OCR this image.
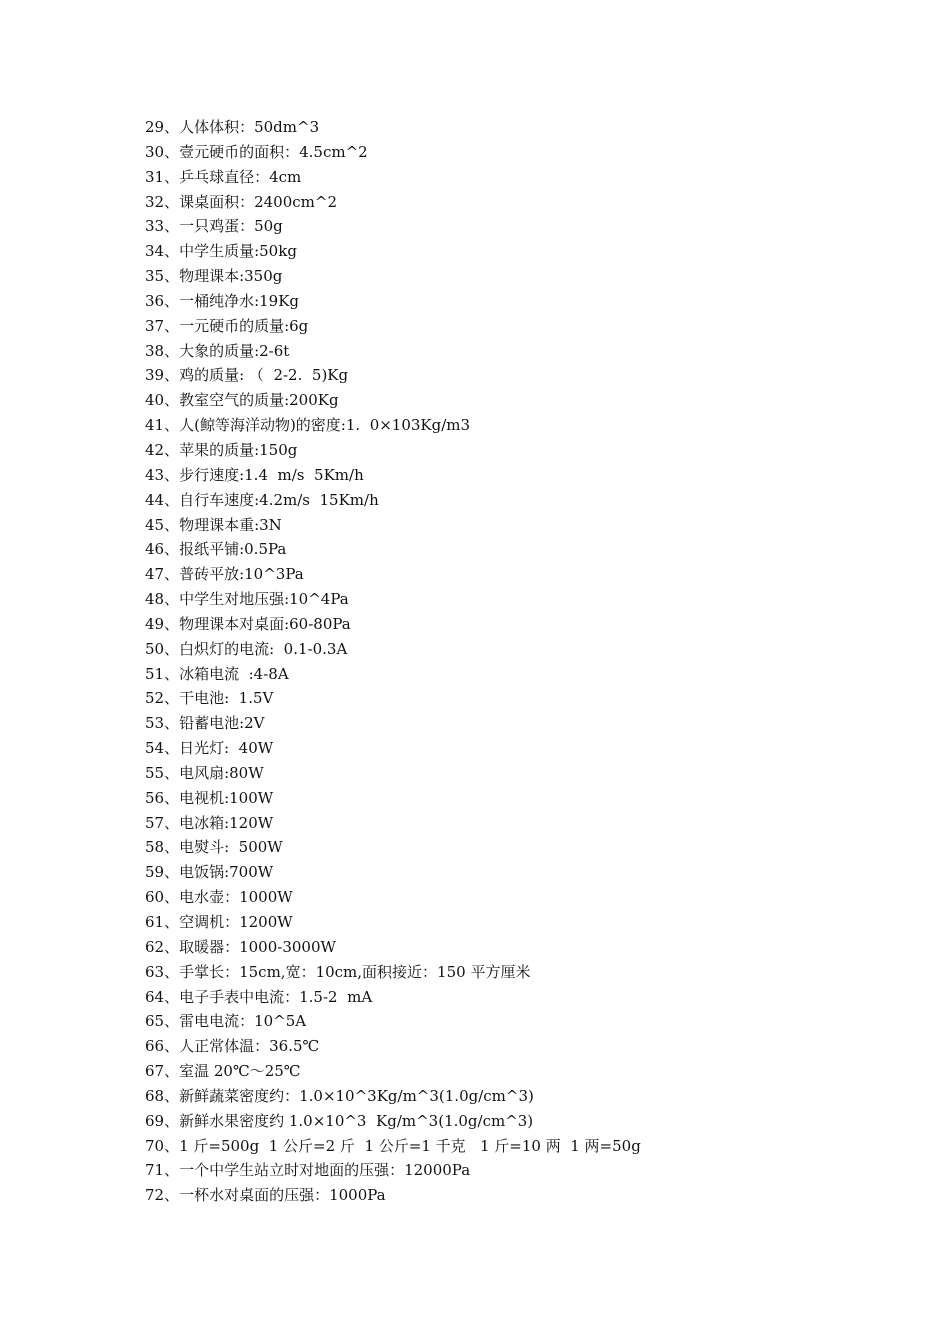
29、人体体积：50dm^3
30、壹元硬币的面积：4.5cm^2
31、乒乓球直径：4cm
32、课桌面积：2400cm^2
33、一只鸡蛋：50g
34、中学生质量:50kg
35、物理课本:350g
36、一桶纯净水:19Kg
37、一元硬币的质量:6g
38、大象的质量:2-6t
39、鸡的质量: （  2-2.  5)Kg
40、教室空气的质量:200Kg
41、人(鲸等海洋动物)的密度:1.  0×103Kg/m3
42、苹果的质量:150g
43、步行速度:1.4  m/s  5Km/h
44、自行车速度:4.2m/s  15Km/h
45、物理课本重:3N
46、报纸平铺:0.5Pa
47、普砖平放:10^3Pa
48、中学生对地压强:10^4Pa
49、物理课本对桌面:60-80Pa
50、白炽灯的电流:  0.1-0.3A
51、冰箱电流  :4-8A
52、干电池:  1.5V
53、铅蓄电池:2V
54、日光灯:  40W
55、电风扇:80W
56、电视机:100W
57、电冰箱:120W
58、电熨斗:  500W
59、电饭锅:700W
60、电水壶：1000W
61、空调机：1200W
62、取暖器：1000-3000W
63、手掌长：15cm,宽：10cm,面积接近：150 平方厘米
64、电子手表中电流：1.5-2  mA
65、雷电电流：10^5A
66、人正常体温：36.5℃
67、室温 20℃～25℃
68、新鲜蔬菜密度约：1.0×10^3Kg/m^3(1.0g/cm^3)
69、新鲜水果密度约 1.0×10^3  Kg/m^3(1.0g/cm^3)
70、1 斤=500g  1 公斤=2 斤  1 公斤=1 千克   1 斤=10 两  1 两=50g
71、一个中学生站立时对地面的压强：12000Pa
72、一杯水对桌面的压强：1000Pa
